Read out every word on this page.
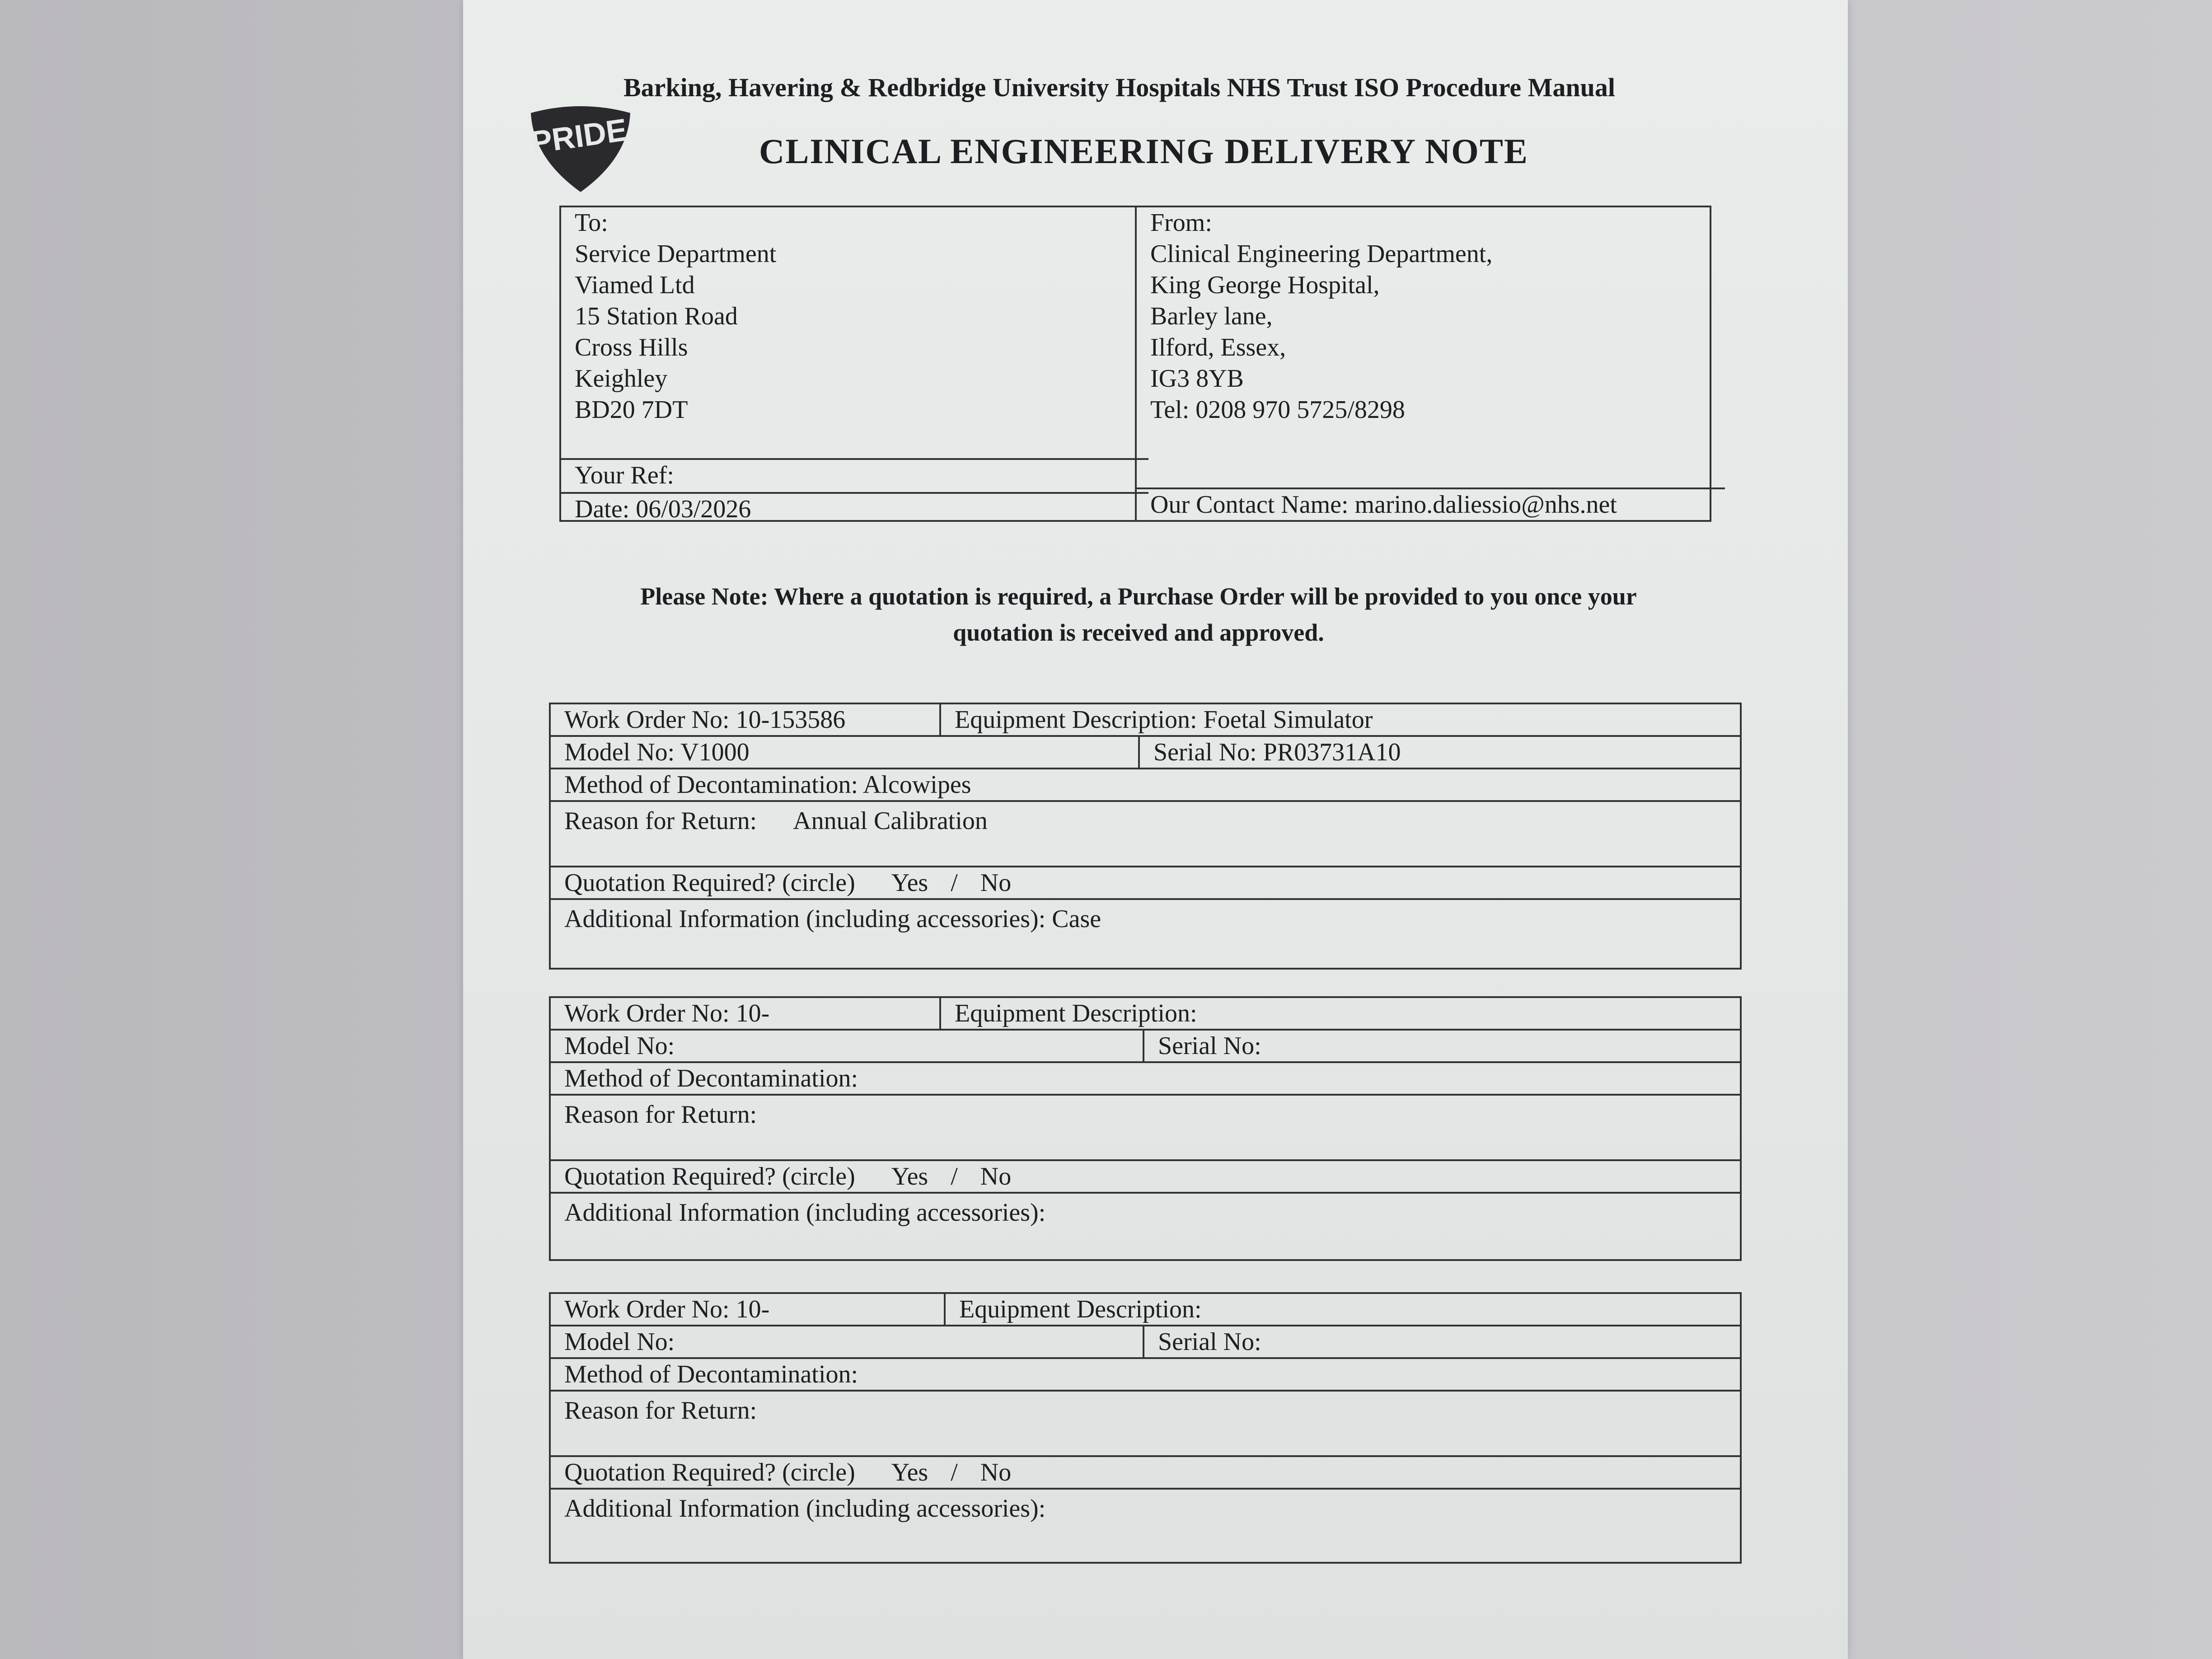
PRIDE
Barking, Havering & Redbridge University Hospitals NHS Trust ISO Procedure Manual
CLINICAL ENGINEERING DELIVERY NOTE
To:
Service Department
Viamed Ltd
15 Station Road
Cross Hills
Keighley
BD20 7DT
From:
Clinical Engineering Department,
King George Hospital,
Barley lane,
Ilford, Essex,
IG3 8YB
Tel: 0208 970 5725/8298
Your Ref:
Date: 06/03/2026	Our Contact Name: marino.daliessio@nhs.net
Please Note: Where a quotation is required, a Purchase Order will be provided to you once your
quotation is received and approved.
Work Order No: 10-153586	Equipment Description: Foetal Simulator
Model No: V1000	Serial No: PR03731A10
Method of Decontamination: Alcowipes
Reason for Return: Annual Calibration
Quotation Required? (circle) Yes / No
Additional Information (including accessories): Case
Work Order No: 10-	Equipment Description:
Model No:	Serial No:
Method of Decontamination:
Reason for Return:
Quotation Required? (circle) Yes / No
Additional Information (including accessories):
Work Order No: 10-	Equipment Description:
Model No:	Serial No:
Method of Decontamination:
Reason for Return:
Quotation Required? (circle) Yes / No
Additional Information (including accessories):
